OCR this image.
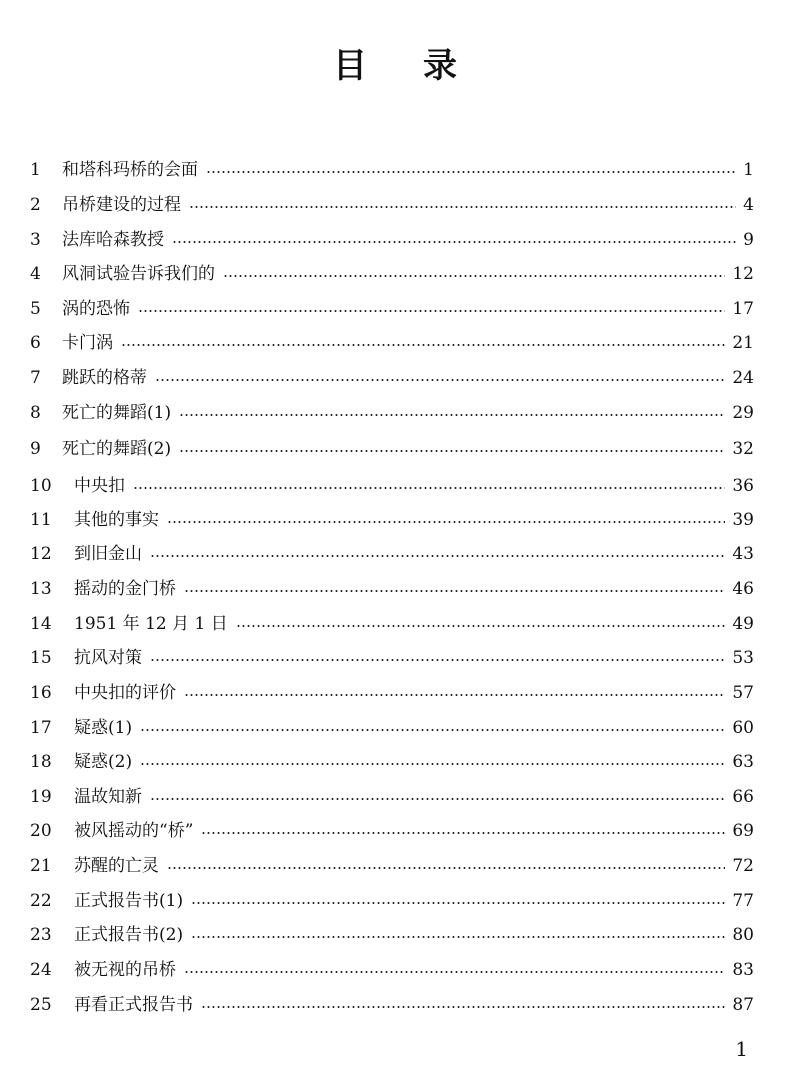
目录
1 和塔科玛桥的会面	1
2 吊桥建设的过程	4
3 法库哈森教授	9
4 风洞试验告诉我们的	12
5 涡的恐怖	17
6 卡门涡	21
7 跳跃的格蒂	24
8 死亡的舞蹈(1)	29
9 死亡的舞蹈(2)	32
10 中央扣	36
11 其他的事实	39
12 到旧金山	43
13 摇动的金门桥	46
14 1951 年 12 月 1 日	49
15 抗风对策	53
16 中央扣的评价	57
17 疑惑(1)	60
18 疑惑(2)	63
19 温故知新	66
20 被风摇动的“桥”	69
21 苏醒的亡灵	72
22 正式报告书(1)	77
23 正式报告书(2)	80
24 被无视的吊桥	83
25 再看正式报告书	87
1
